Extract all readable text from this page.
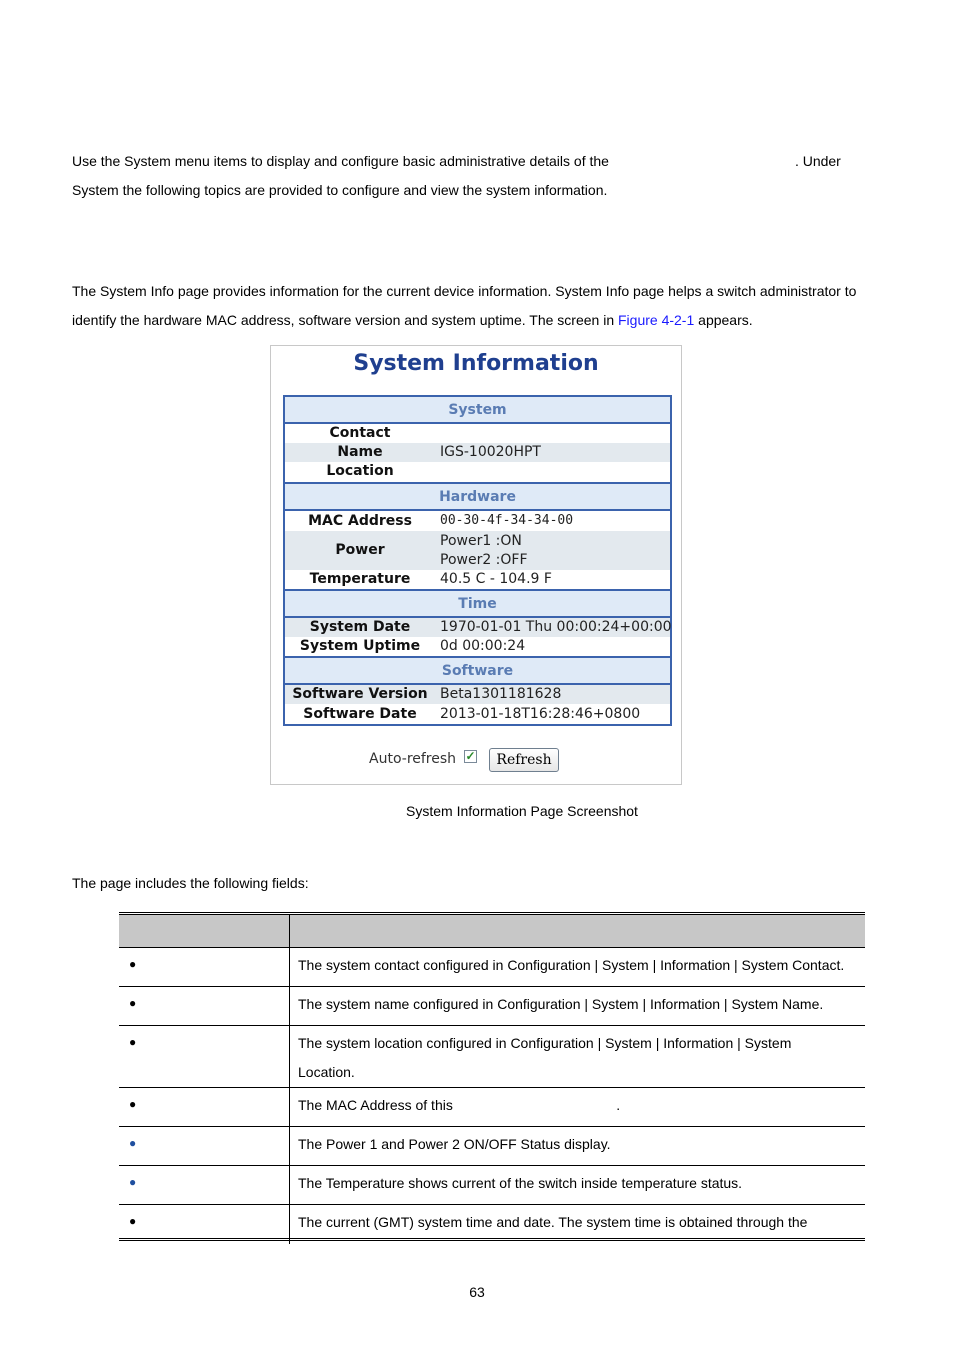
Use the System menu items to display and configure basic administrative details of the	. Under
System the following topics are provided to configure and view the system information.

The System Info page provides information for the current device information. System Info page helps a switch administrator to
identify the hardware MAC address, software version and system uptime. The screen in Figure 4-2-1 appears.

System Information
System
Contact
Name	IGS-10020HPT
Location
Hardware
MAC Address	00-30-4f-34-34-00
Power
Power1 :ON
Power2 :OFF
Temperature	40.5 C - 104.9 F
Time
System Date	1970-01-01 Thu 00:00:24+00:00
System Uptime	0d 00:00:24
Software
Software Version Beta1301181628
Software Date	2013-01-18T16:28:46+0800
Auto-refresh ✓	Refresh
System Information Page Screenshot

The page includes the following fields:

●	The system contact configured in Configuration | System | Information | System Contact.
●	The system name configured in Configuration | System | Information | System Name.
●	The system location configured in Configuration | System | Information | System Location.
●	The MAC Address of this                                          .
●	The Power 1 and Power 2 ON/OFF Status display.
●	The Temperature shows current of the switch inside temperature status.
●	The current (GMT) system time and date. The system time is obtained through the
63
